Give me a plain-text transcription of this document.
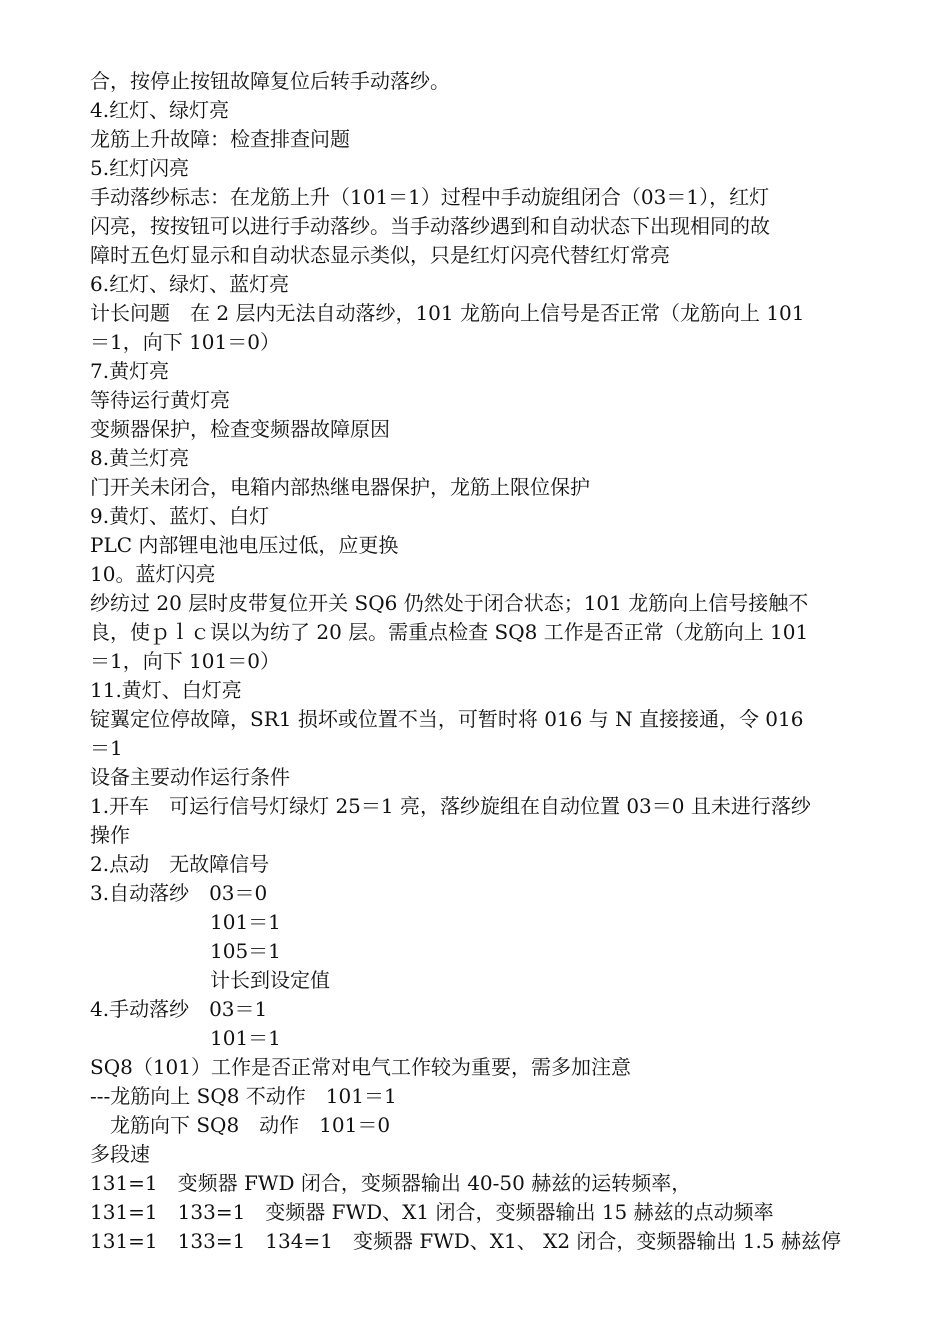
合，按停止按钮故障复位后转手动落纱。
4.红灯、绿灯亮
龙筋上升故障：检查排查问题
5.红灯闪亮
手动落纱标志：在龙筋上升（101＝1）过程中手动旋组闭合（03＝1），红灯
闪亮，按按钮可以进行手动落纱。当手动落纱遇到和自动状态下出现相同的故
障时五色灯显示和自动状态显示类似，只是红灯闪亮代替红灯常亮
6.红灯、绿灯、蓝灯亮
计长问题　在 2 层内无法自动落纱，101 龙筋向上信号是否正常（龙筋向上 101
＝1，向下 101＝0）
7.黄灯亮
等待运行黄灯亮
变频器保护，检查变频器故障原因
8.黄兰灯亮
门开关未闭合，电箱内部热继电器保护，龙筋上限位保护
9.黄灯、蓝灯、白灯
PLC 内部锂电池电压过低，应更换
10。蓝灯闪亮
纱纺过 20 层时皮带复位开关 SQ6 仍然处于闭合状态；101 龙筋向上信号接触不
良，使ｐｌｃ误以为纺了 20 层。需重点检查 SQ8 工作是否正常（龙筋向上 101
＝1，向下 101＝0）
11.黄灯、白灯亮
锭翼定位停故障，SR1 损坏或位置不当，可暂时将 016 与 N 直接接通，令 016
＝1
设备主要动作运行条件
1.开车　可运行信号灯绿灯 25＝1 亮，落纱旋组在自动位置 03＝0 且未进行落纱
操作
2.点动　无故障信号
3.自动落纱　03＝0
　　　　　　101＝1
　　　　　　105＝1
　　　　　　计长到设定值
4.手动落纱　03＝1
　　　　　　101＝1
SQ8（101）工作是否正常对电气工作较为重要，需多加注意
---龙筋向上 SQ8 不动作　101＝1
　龙筋向下 SQ8　动作　101＝0
多段速
131=1　变频器 FWD 闭合，变频器输出 40-50 赫兹的运转频率，
131=1　133=1　变频器 FWD、X1 闭合，变频器输出 15 赫兹的点动频率
131=1　133=1　134=1　变频器 FWD、X1、 X2 闭合，变频器输出 1.5 赫兹停
